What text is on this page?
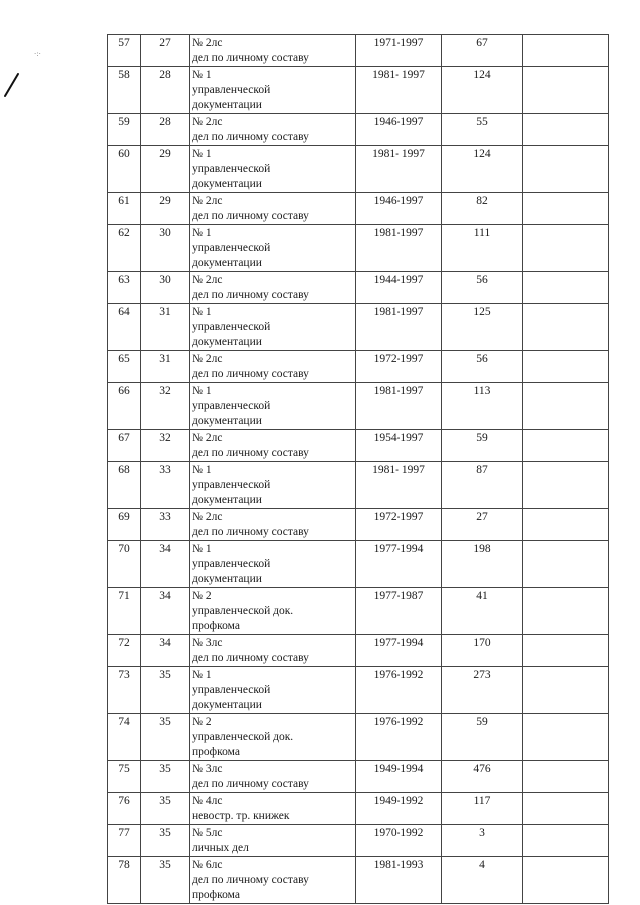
·:·
57	27	№ 2лс
дел по личному составу	1971-1997	67	
58	28	№ 1
управленческой
документации	1981- 1997	124	
59	28	№ 2лс
дел по личному составу	1946-1997	55	
60	29	№ 1
управленческой
документации	1981- 1997	124	
61	29	№ 2лс
дел по личному составу	1946-1997	82	
62	30	№ 1
управленческой
документации	1981-1997	111	
63	30	№ 2лс
дел по личному составу	1944-1997	56	
64	31	№ 1
управленческой
документации	1981-1997	125	
65	31	№ 2лс
дел по личному составу	1972-1997	56	
66	32	№ 1
управленческой
документации	1981-1997	113	
67	32	№ 2лс
дел по личному составу	1954-1997	59	
68	33	№ 1
управленческой
документации	1981- 1997	87	
69	33	№ 2лс
дел по личному составу	1972-1997	27	
70	34	№ 1
управленческой
документации	1977-1994	198	
71	34	№ 2
управленческой док.
профкома	1977-1987	41	
72	34	№ 3лс
дел по личному составу	1977-1994	170	
73	35	№ 1
управленческой
документации	1976-1992	273	
74	35	№ 2
управленческой док.
профкома	1976-1992	59	
75	35	№ 3лс
дел по личному составу	1949-1994	476	
76	35	№ 4лс
невостр. тр. книжек	1949-1992	117	
77	35	№ 5лс
личных дел	1970-1992	3	
78	35	№ 6лс
дел по личному составу
профкома	1981-1993	4	
